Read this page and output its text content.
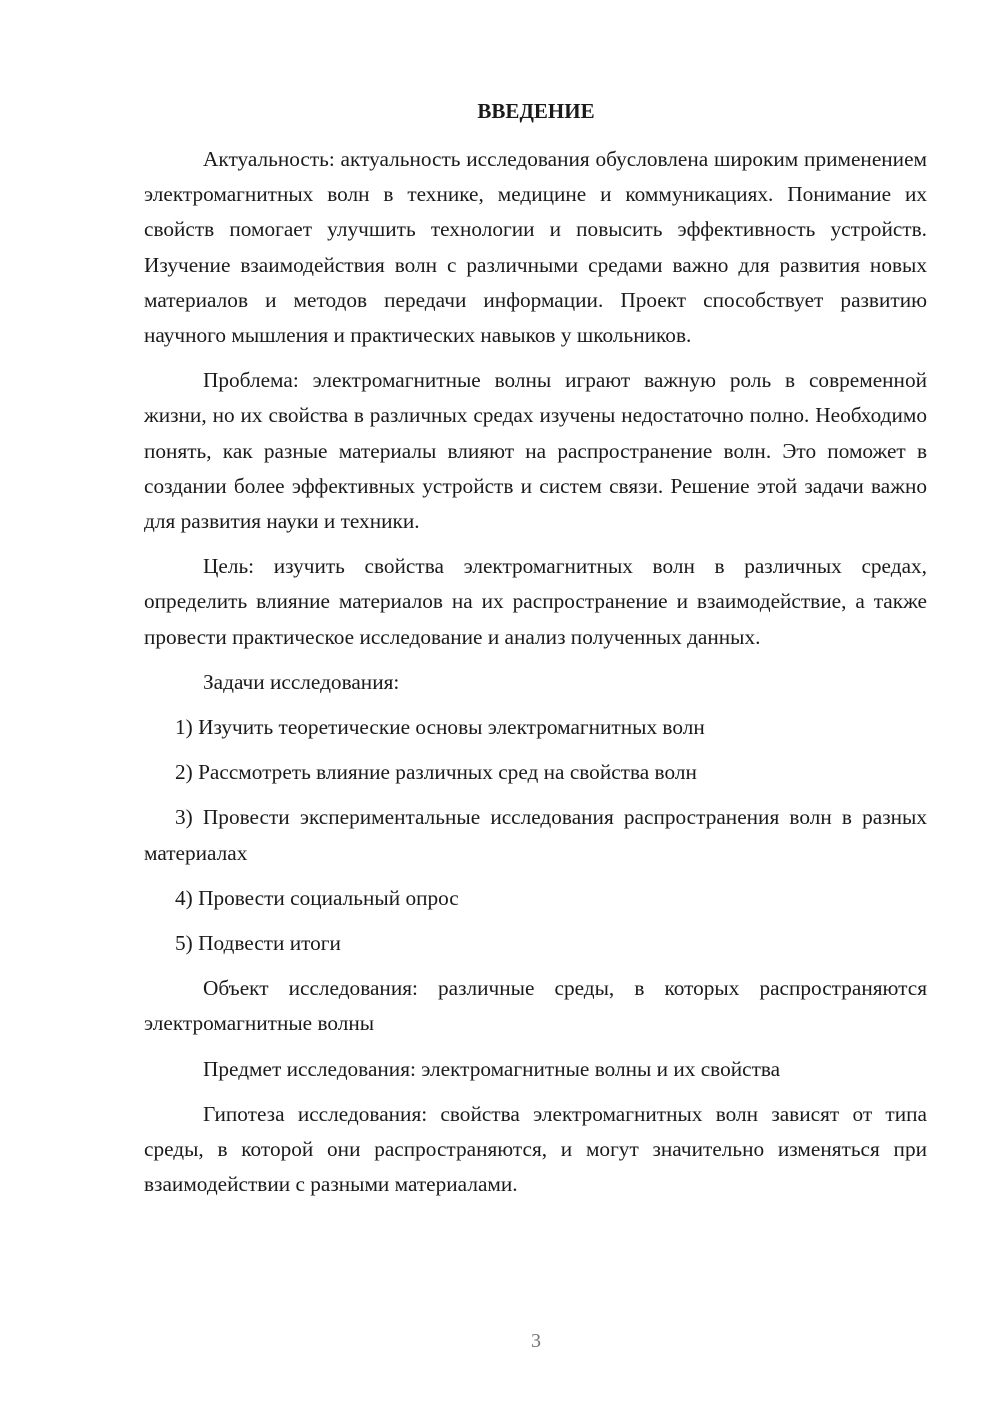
ВВЕДЕНИЕ

Актуальность: актуальность исследования обусловлена широким применением электромагнитных волн в технике, медицине и коммуникациях. Понимание их свойств помогает улучшить технологии и повысить эффективность устройств. Изучение взаимодействия волн с различными средами важно для развития новых материалов и методов передачи информации. Проект способствует развитию научного мышления и практических навыков у школьников.

Проблема: электромагнитные волны играют важную роль в современной жизни, но их свойства в различных средах изучены недостаточно полно. Необходимо понять, как разные материалы влияют на распространение волн. Это поможет в создании более эффективных устройств и систем связи. Решение этой задачи важно для развития науки и техники.

Цель: изучить свойства электромагнитных волн в различных средах, определить влияние материалов на их распространение и взаимодействие, а также провести практическое исследование и анализ полученных данных.

Задачи исследования:

1) Изучить теоретические основы электромагнитных волн

2) Рассмотреть влияние различных сред на свойства волн

3) Провести экспериментальные исследования распространения волн в разных материалах

4) Провести социальный опрос

5) Подвести итоги

Объект исследования: различные среды, в которых распространяются электромагнитные волны

Предмет исследования: электромагнитные волны и их свойства

Гипотеза исследования: свойства электромагнитных волн зависят от типа среды, в которой они распространяются, и могут значительно изменяться при взаимодействии с разными материалами.

3
